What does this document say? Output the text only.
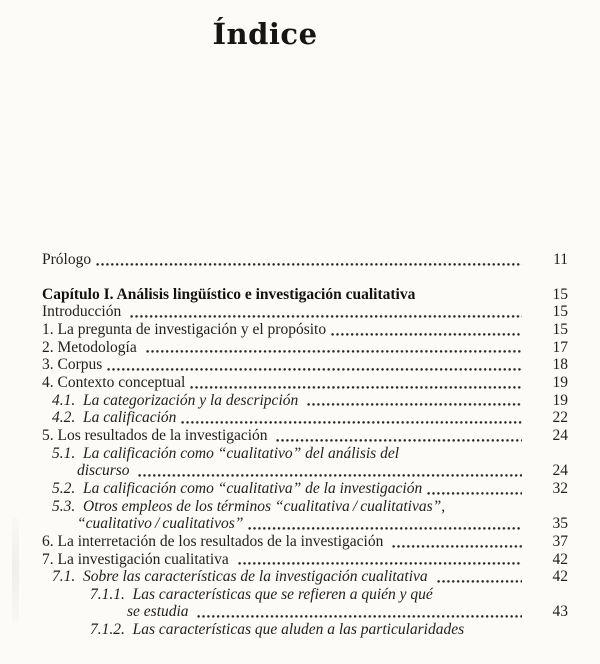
Índice
Prólogo	11
Capítulo I. Análisis lingüístico e investigación cualitativa	15
Introducción	15
1. La pregunta de investigación y el propósito	15
2. Metodología	17
3. Corpus	18
4. Contexto conceptual	19
4.1. La categorización y la descripción	19
4.2. La calificación	22
5. Los resultados de la investigación	24
5.1. La calificación como “cualitativo” del análisis del
discurso	24
5.2. La calificación como “cualitativa” de la investigación	32
5.3. Otros empleos de los términos “cualitativa / cualitativas”,
“cualitativo / cualitativos”	35
6. La interretación de los resultados de la investigación	37
7. La investigación cualitativa	42
7.1. Sobre las características de la investigación cualitativa	42
7.1.1. Las características que se refieren a quién y qué
se estudia	43
7.1.2. Las características que aluden a las particularidades
